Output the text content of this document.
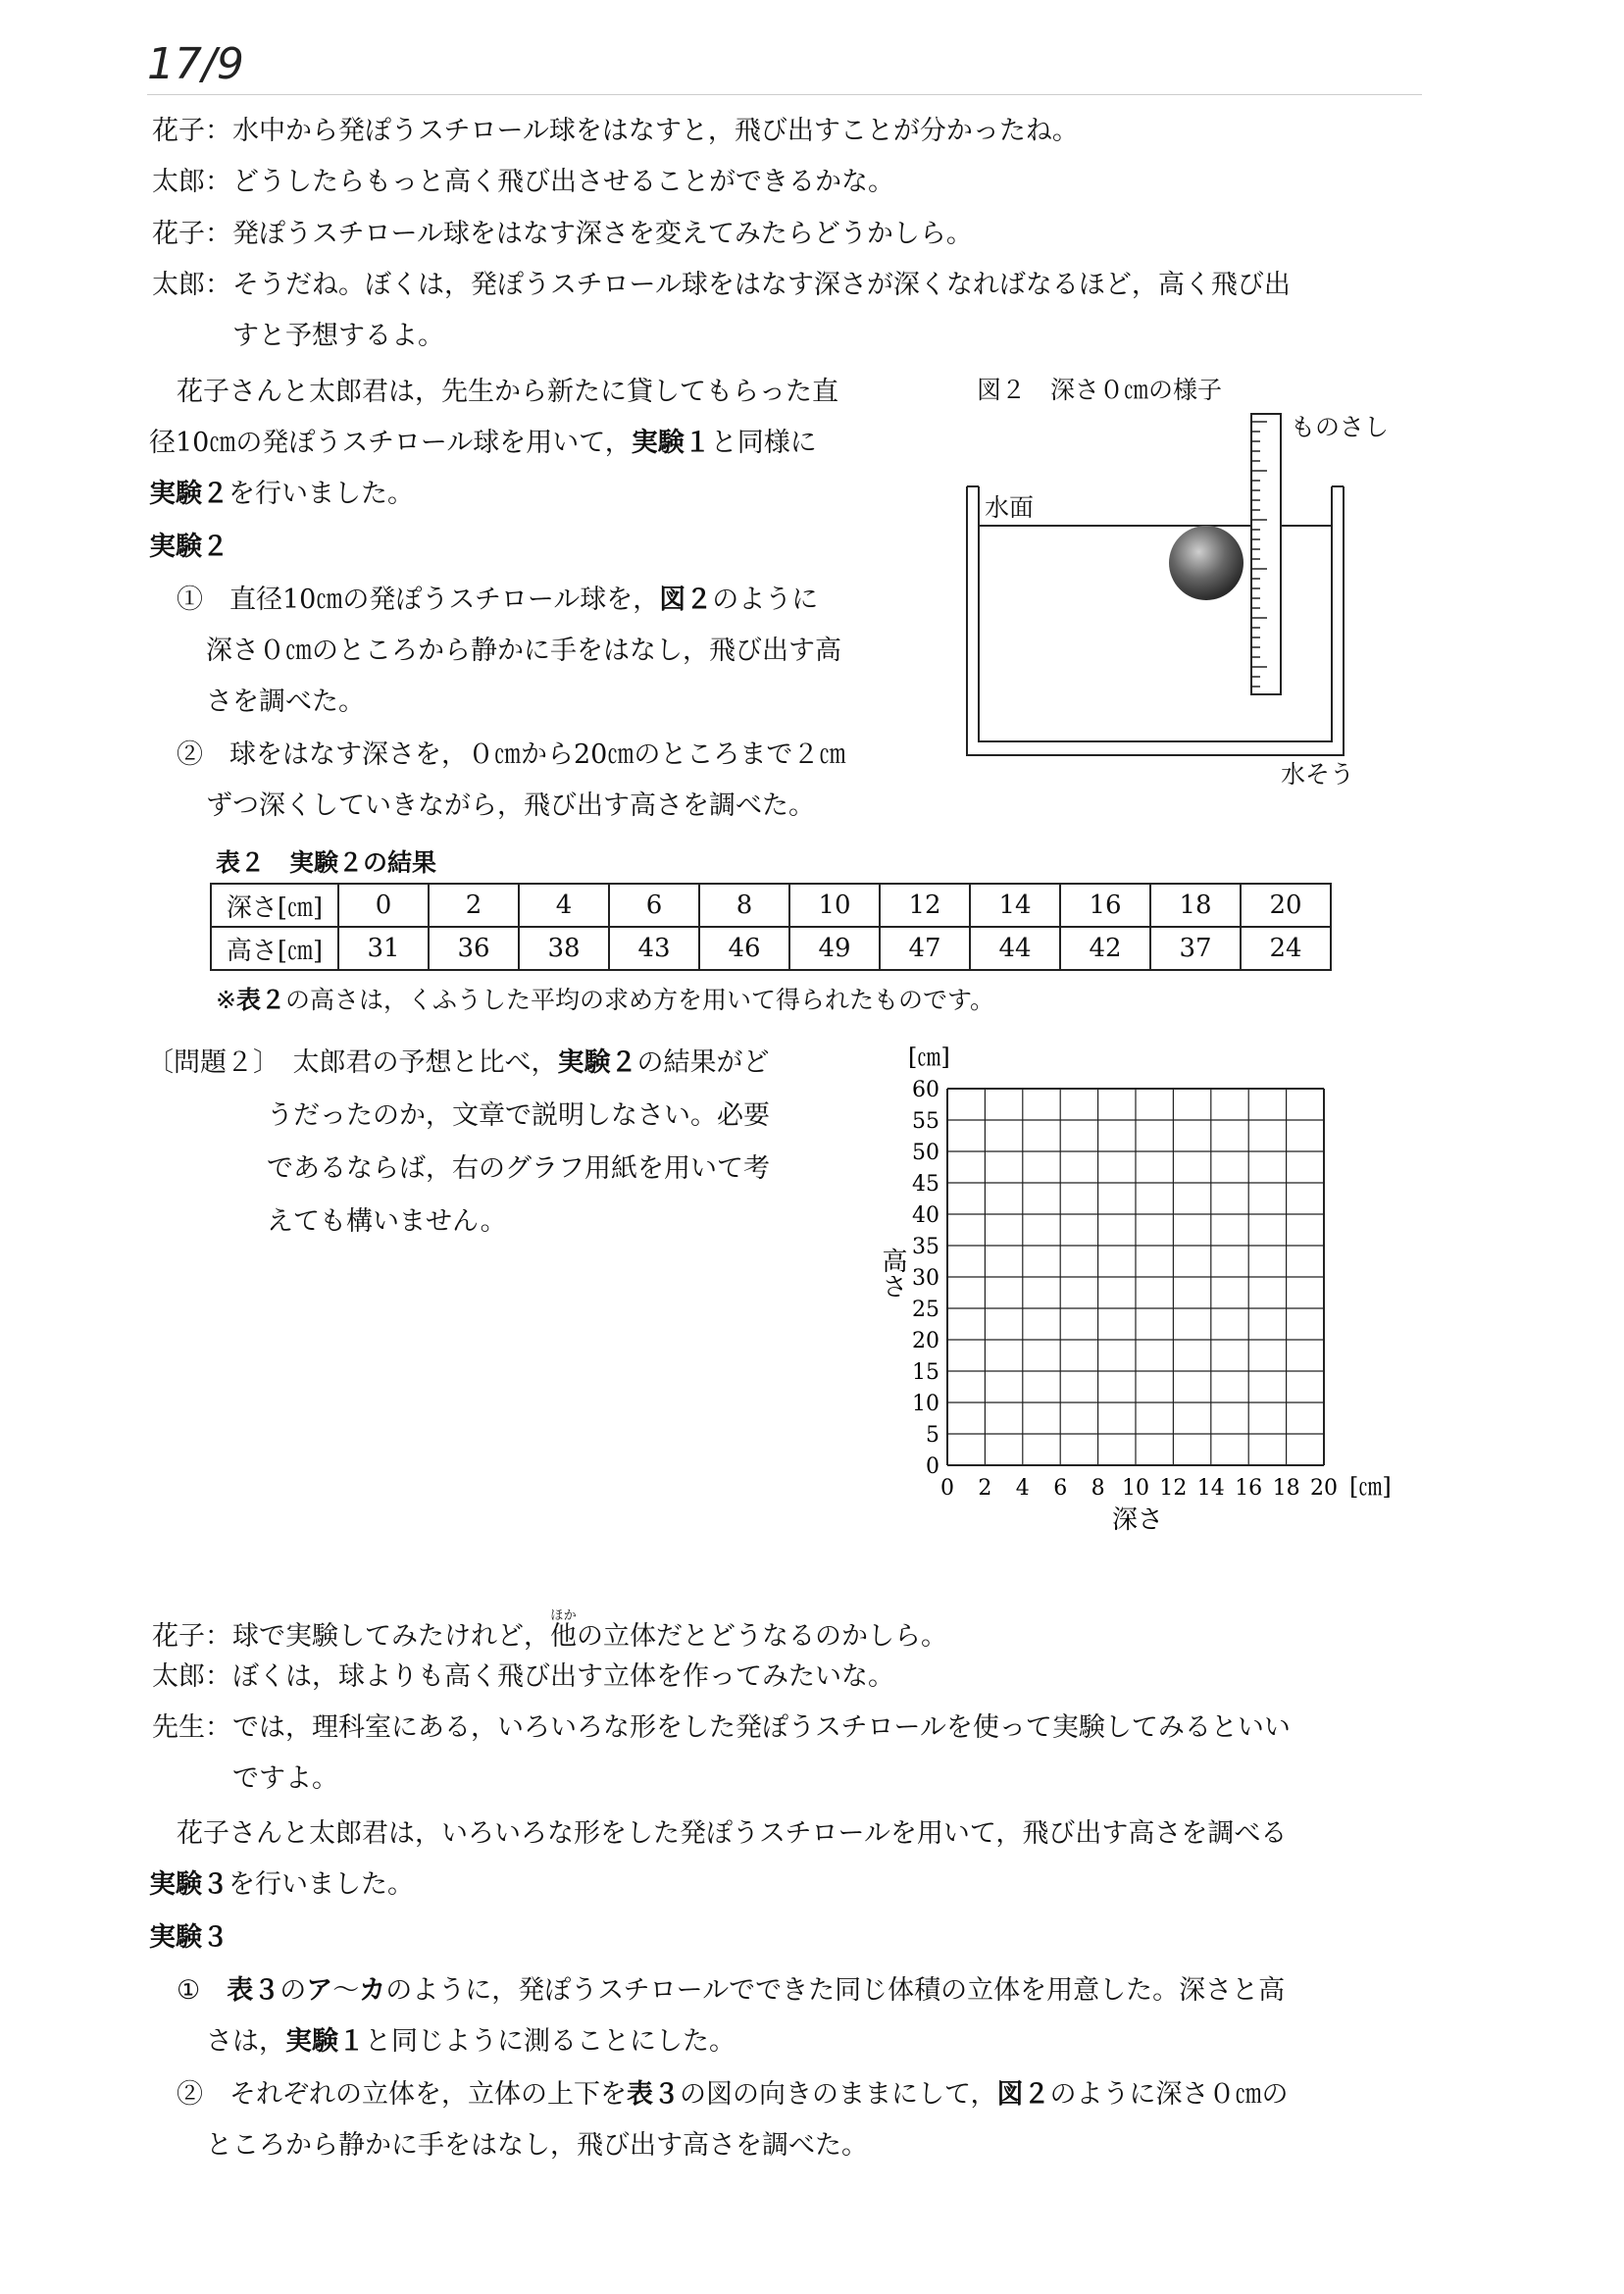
17/9
花子：水中から発ぽうスチロール球をはなすと，飛び出すことが分かったね。
太郎：どうしたらもっと高く飛び出させることができるかな。
花子：発ぽうスチロール球をはなす深さを変えてみたらどうかしら。
太郎：そうだね。ぼくは，発ぽうスチロール球をはなす深さが深くなればなるほど，高く飛び出
すと予想するよ。
花子さんと太郎君は，先生から新たに貸してもらった直
径10㎝の発ぽうスチロール球を用いて，実験１と同様に
実験２を行いました。
実験２
①　 直径10㎝の発ぽうスチロール球を，図２のように
深さ０㎝のところから静かに手をはなし，飛び出す高
さを調べた。
②　 球をはなす深さを，０㎝から20㎝のところまで２㎝
ずつ深くしていきながら，飛び出す高さを調べた。
図２　深さ０㎝の様子
ものさし
水面
水そう
表２　実験２の結果
深さ[㎝]	0	2	4	6	8	10	12	14	16	18	20
高さ[㎝]	31	36	38	43	46	49	47	44	42	37	24
※表２の高さは，くふうした平均の求め方を用いて得られたものです。
〔問題２〕　 太郎君の予想と比べ，実験２の結果がど
うだったのか，文章で説明しなさい。必要
であるならば，右のグラフ用紙を用いて考
えても構いません。
[㎝]
[㎝]
高さ
深さ
0
5
10
15
20
25
30
35
40
45
50
55
60
0 2 4 6 8 10 12 14 16 18 20
花子：球で実験してみたけれど，他ほかの立体だとどうなるのかしら。
太郎：ぼくは，球よりも高く飛び出す立体を作ってみたいな。
先生：では，理科室にある，いろいろな形をした発ぽうスチロールを使って実験してみるといい
ですよ。
花子さんと太郎君は，いろいろな形をした発ぽうスチロールを用いて，飛び出す高さを調べる
実験３を行いました。
実験３
①　 表３のア～カのように，発ぽうスチロールでできた同じ体積の立体を用意した。深さと高
さは，実験１と同じように測ることにした。
②　 それぞれの立体を，立体の上下を表３の図の向きのままにして，図２のように深さ０㎝の
ところから静かに手をはなし，飛び出す高さを調べた。
